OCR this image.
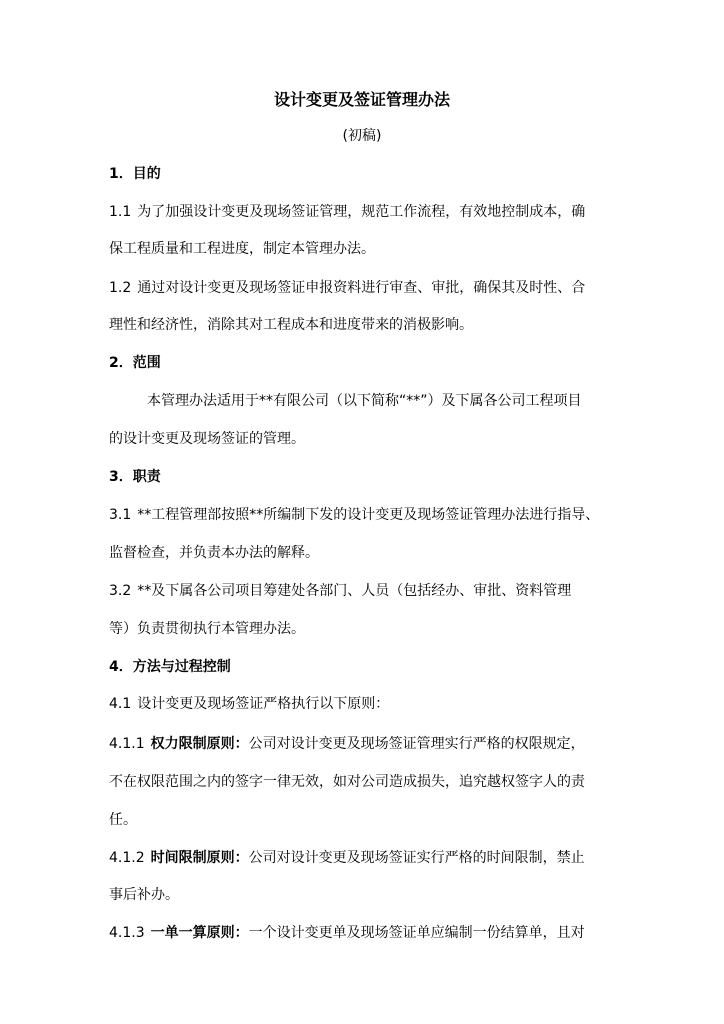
设计变更及签证管理办法
(初稿)
1．目的
1.1 为了加强设计变更及现场签证管理，规范工作流程，有效地控制成本，确
保工程质量和工程进度，制定本管理办法。
1.2 通过对设计变更及现场签证申报资料进行审查、审批，确保其及时性、合
理性和经济性，消除其对工程成本和进度带来的消极影响。
2．范围
本管理办法适用于**有限公司（以下简称“**”）及下属各公司工程项目
的设计变更及现场签证的管理。
3．职责
3.1 **工程管理部按照**所编制下发的设计变更及现场签证管理办法进行指导、
监督检查，并负责本办法的解释。
3.2 **及下属各公司项目筹建处各部门、人员（包括经办、审批、资料管理
等）负责贯彻执行本管理办法。
4．方法与过程控制
4.1 设计变更及现场签证严格执行以下原则：
4.1.1 权力限制原则：公司对设计变更及现场签证管理实行严格的权限规定，
不在权限范围之内的签字一律无效，如对公司造成损失，追究越权签字人的责
任。
4.1.2 时间限制原则：公司对设计变更及现场签证实行严格的时间限制，禁止
事后补办。
4.1.3 一单一算原则：一个设计变更单及现场签证单应编制一份结算单，且对
